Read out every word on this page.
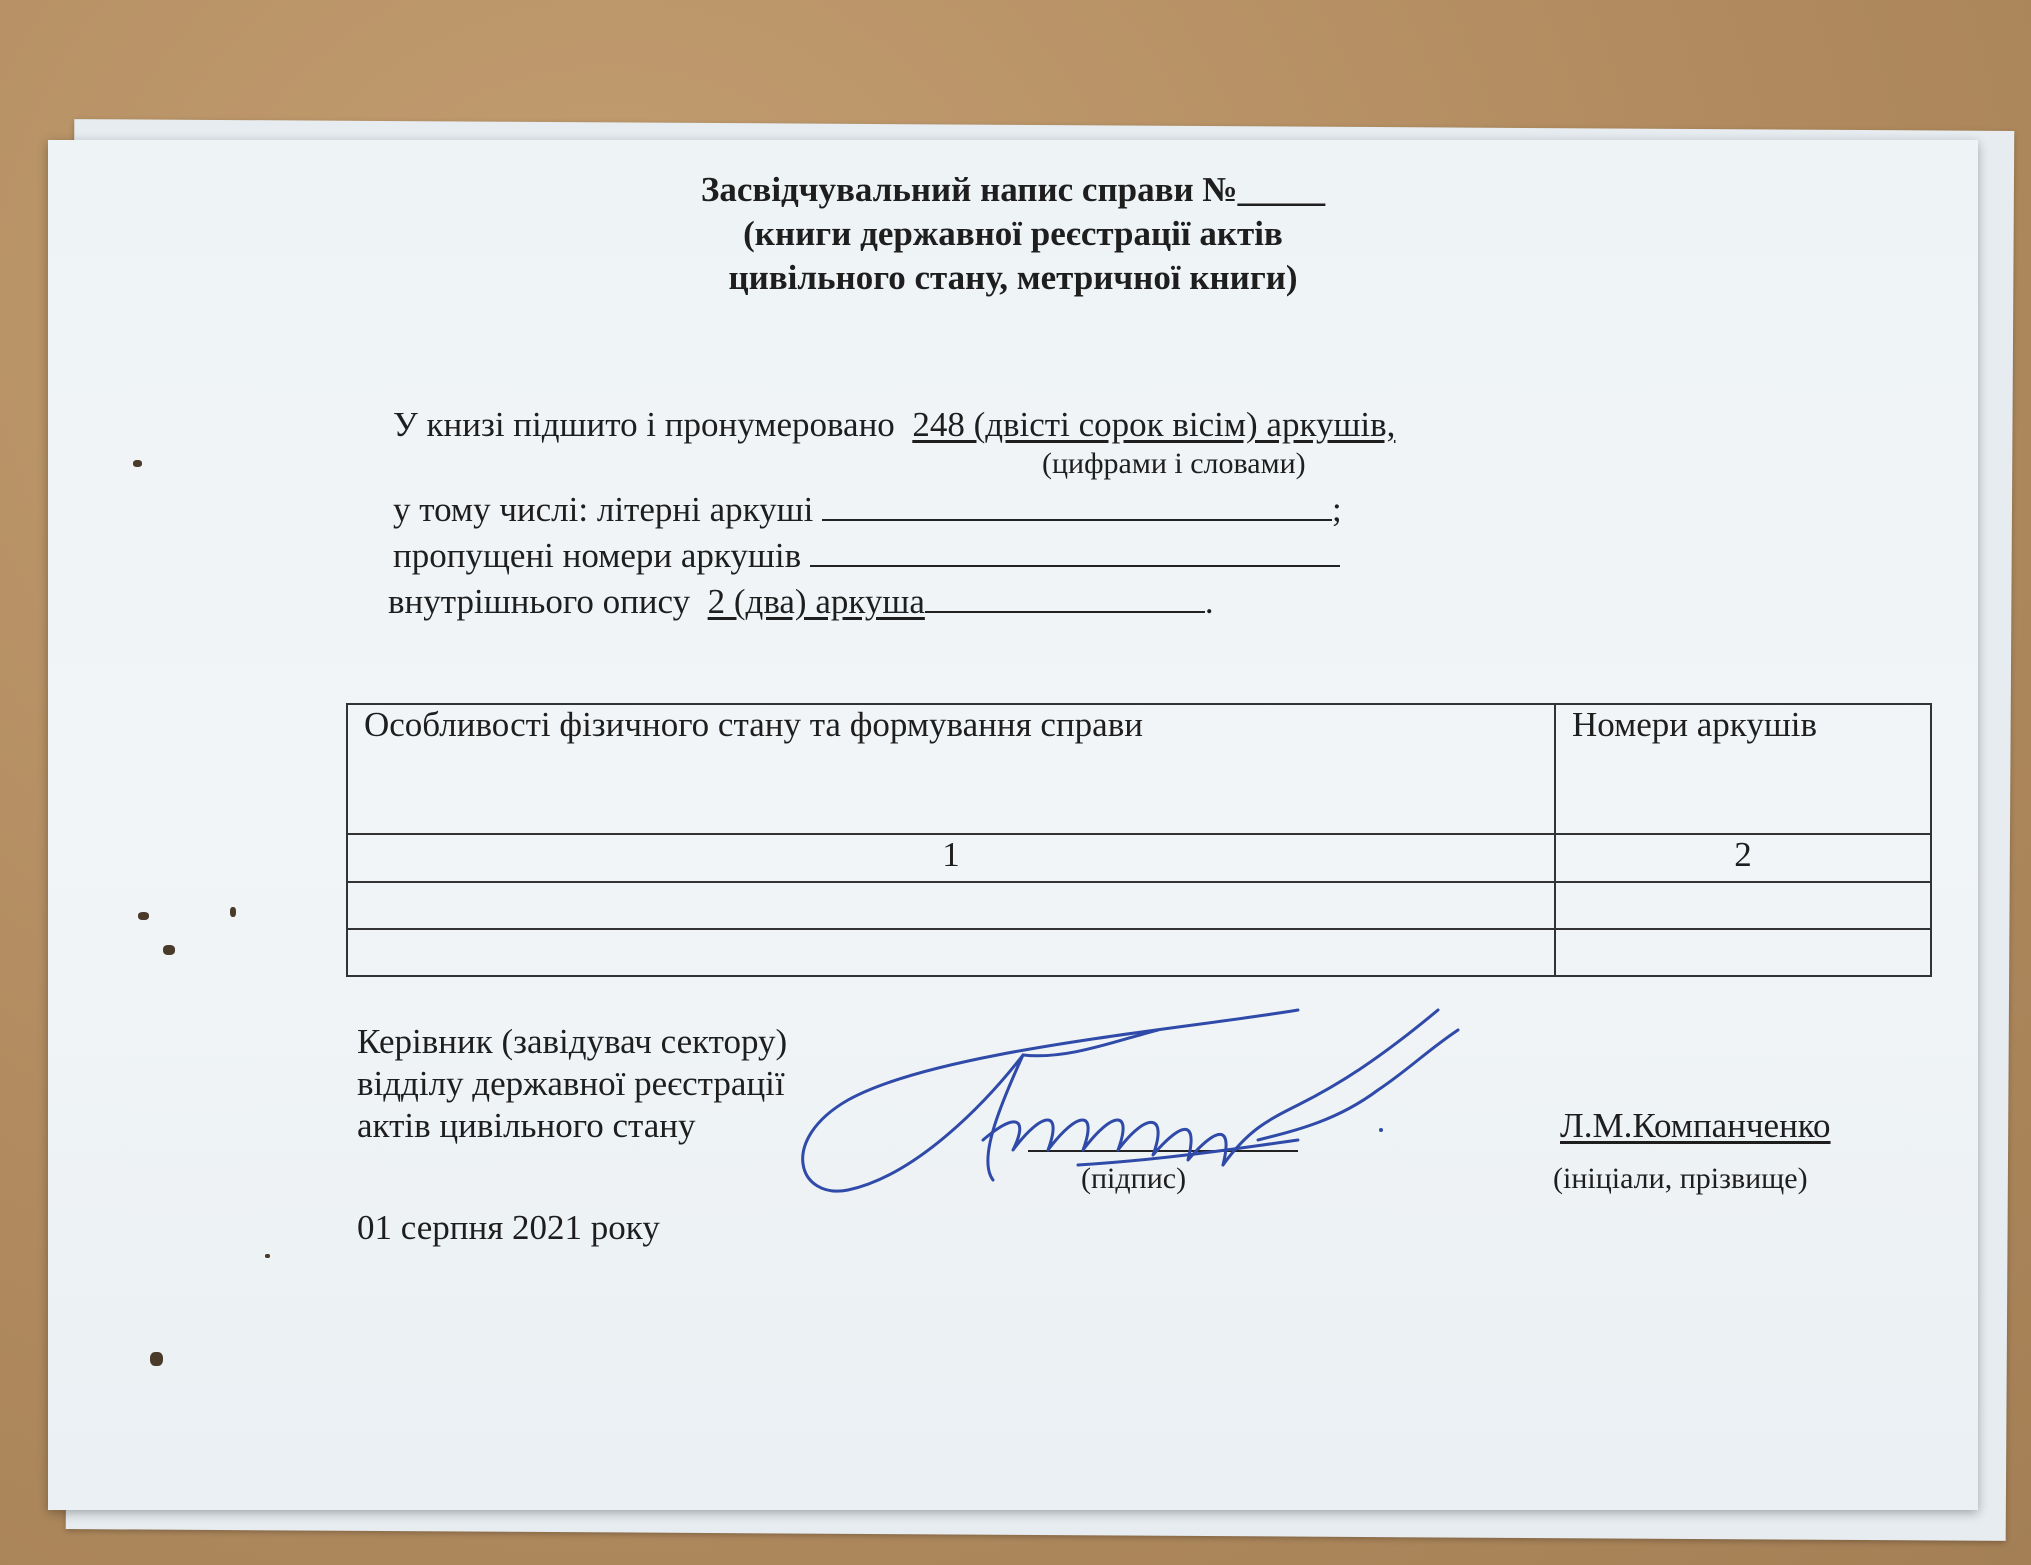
Засвідчувальний напис справи №_____
(книги державної реєстрації актів
цивільного стану, метричної книги)
У книзі підшито і пронумеровано 248 (двісті сорок вісім) аркушів,
(цифрами і словами)
у тому числі: літерні аркуші	;
пропущені номери аркушів
внутрішнього опису 2 (два) аркуша	.
Особливості фізичного стану та формування справи	Номери аркушів
1	2

Керівник (завідувач сектору)
відділу державної реєстрації
актів цивільного стану
(підпис)
Л.М.Компанченко
(ініціали, прізвище)
01 серпня 2021 року
